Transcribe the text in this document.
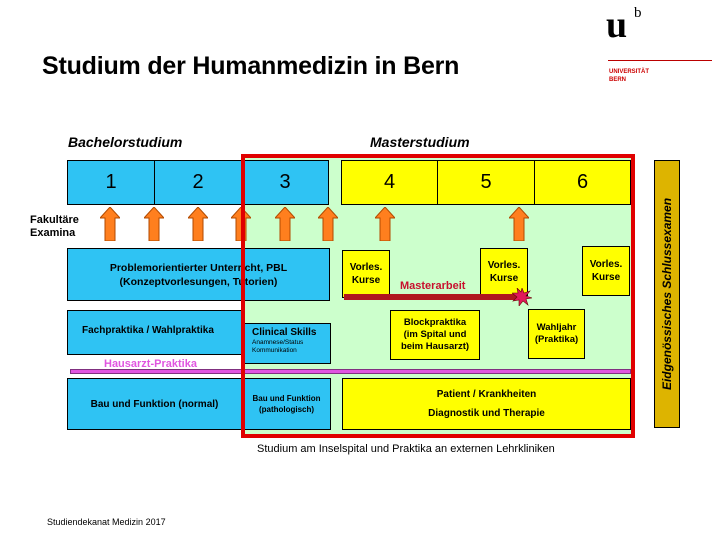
Studium der Humanmedizin in Bern
u b
UNIVERSITÄT
BERN
Bachelorstudium	Masterstudium
1	2	3	4	5	6
Fakultäre
Examina
Problemorientierter Unterricht, PBL
(Konzeptvorlesungen, Tutorien)
Vorles.
Kurse
Vorles.
Kurse
Vorles.
Kurse
Masterarbeit
Fachpraktika / Wahlpraktika	Clinical Skills
Anamnese/Status
Kommunikation
Blockpraktika
(im Spital und
beim Hausarzt)
Wahljahr
(Praktika)
Hausarzt-Praktika
Bau und Funktion (normal)	Bau und Funktion
(pathologisch)
Patient / Krankheiten
Diagnostik und Therapie
Eidgenössisches Schlussexamen
Studium am Inselspital und Praktika an externen Lehrkliniken
Studiendekanat Medizin 2017
